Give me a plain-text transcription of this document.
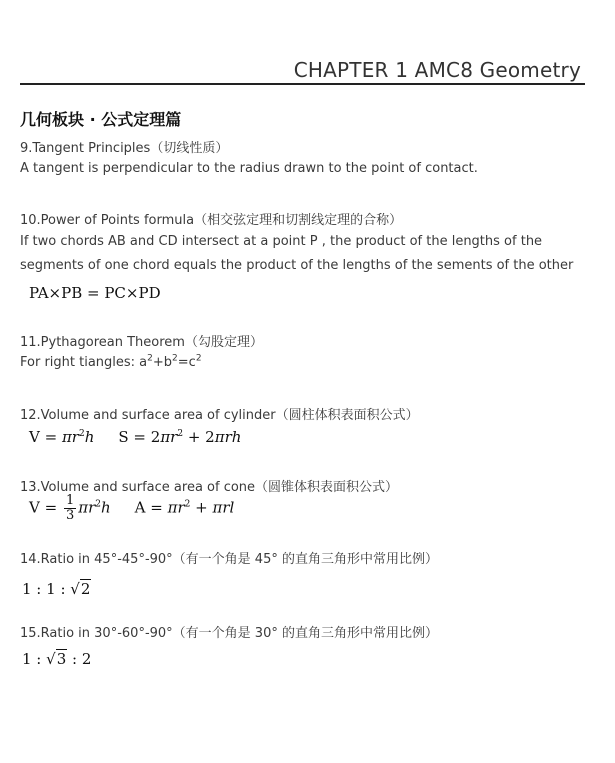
CHAPTER 1 AMC8 Geometry
几何板块 · 公式定理篇
9.Tangent Principles（切线性质）
A tangent is perpendicular to the radius drawn to the point of contact.
10.Power of Points formula（相交弦定理和切割线定理的合称）
If two chords AB and CD intersect at a point P , the product of the lengths of the
segments of one chord equals the product of the lengths of the sements of the other
PA×PB = PC×PD
11.Pythagorean Theorem（勾股定理）
For right tiangles: $a^2+b^2=c^2$
12.Volume and surface area of cylinder（圆柱体积表面积公式）
$V = \pi r^2h$ $S = 2\pi r^2 + 2\pi rh$
13.Volume and surface area of cone（圆锥体积表面积公式）
$V = \frac{1}{3} \pi r^2h$ $A = \pi r^2 + \pi rl$
14.Ratio in 45°-45°-90°（有一个角是 45° 的直角三角形中常用比例）
1 : 1 : √2
15.Ratio in 30°-60°-90°（有一个角是 30° 的直角三角形中常用比例）
1 : √3 : 2
